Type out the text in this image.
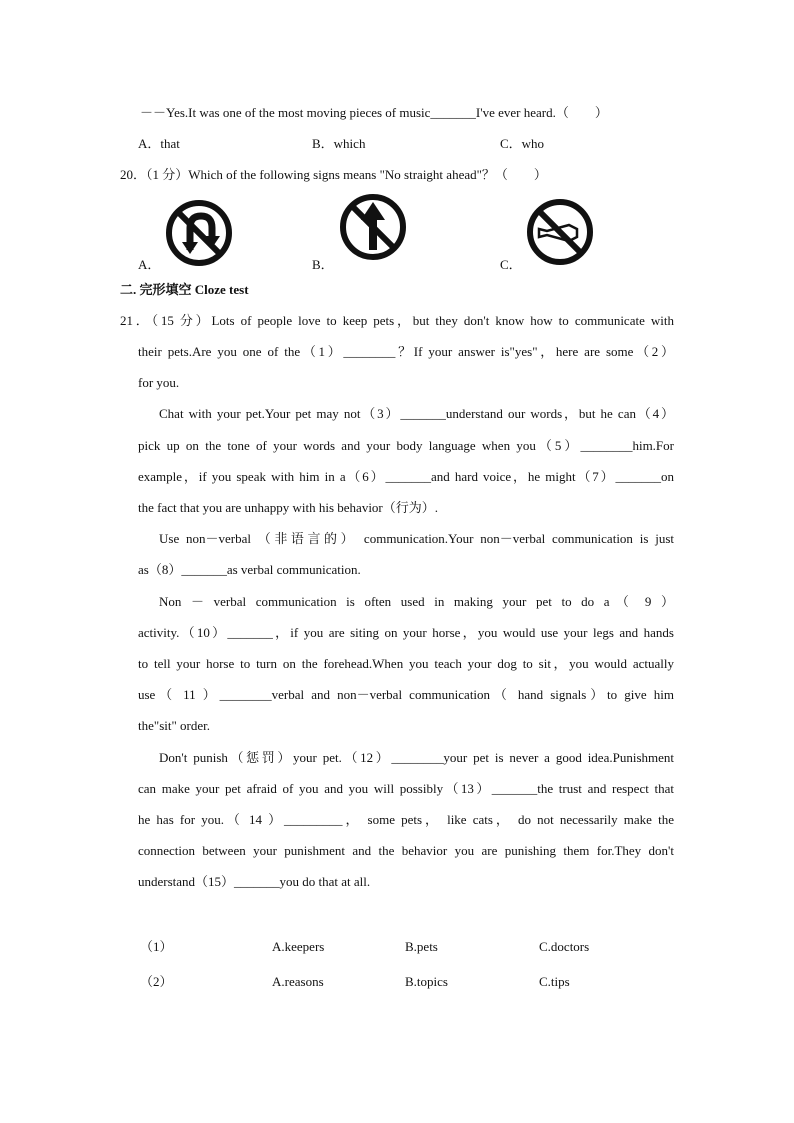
－－Yes.It was one of the most moving pieces of music_______I've ever heard.（　　）
A．that	B．which	C．who
20．（1 分）Which of the following signs means "No straight ahead"？（　　）
A．	B．	C．
二. 完形填空 Cloze test
21．（15 分）Lots of people love to keep pets，but they don't know how to communicate with
their pets.Are you one of the（1）________？If your answer is"yes"，here are some（2）
for you.
Chat with your pet.Your pet may not（3）_______understand our words，but he can（4）
pick up on the tone of your words and your body language when you（5）________him.For
example，if you speak with him in a（6）_______and hard voice，he might（7）_______on
the fact that you are unhappy with his behavior（行为）.
Use non－verbal （非语言的） communication.Your non－verbal communication is just
as（8）_______as verbal communication.
Non － verbal communication is often used in making your pet to do a（ 9 ）
activity.（10）_______，if you are siting on your horse，you would use your legs and hands
to tell your horse to turn on the forehead.When you teach your dog to sit，you would actually
use（ 11 ）________verbal and non－verbal communication（ hand signals）to give him
the"sit" order.
Don't punish（惩罚）your pet.（12）________your pet is never a good idea.Punishment
can make your pet afraid of you and you will possibly（13）_______the trust and respect that
he has for you.（ 14 ）_________， some pets， like cats， do not necessarily make the
connection between your punishment and the behavior you are punishing them for.They don't
understand（15）_______you do that at all.
（1）	A.keepers	B.pets	C.doctors
（2）	A.reasons	B.topics	C.tips
